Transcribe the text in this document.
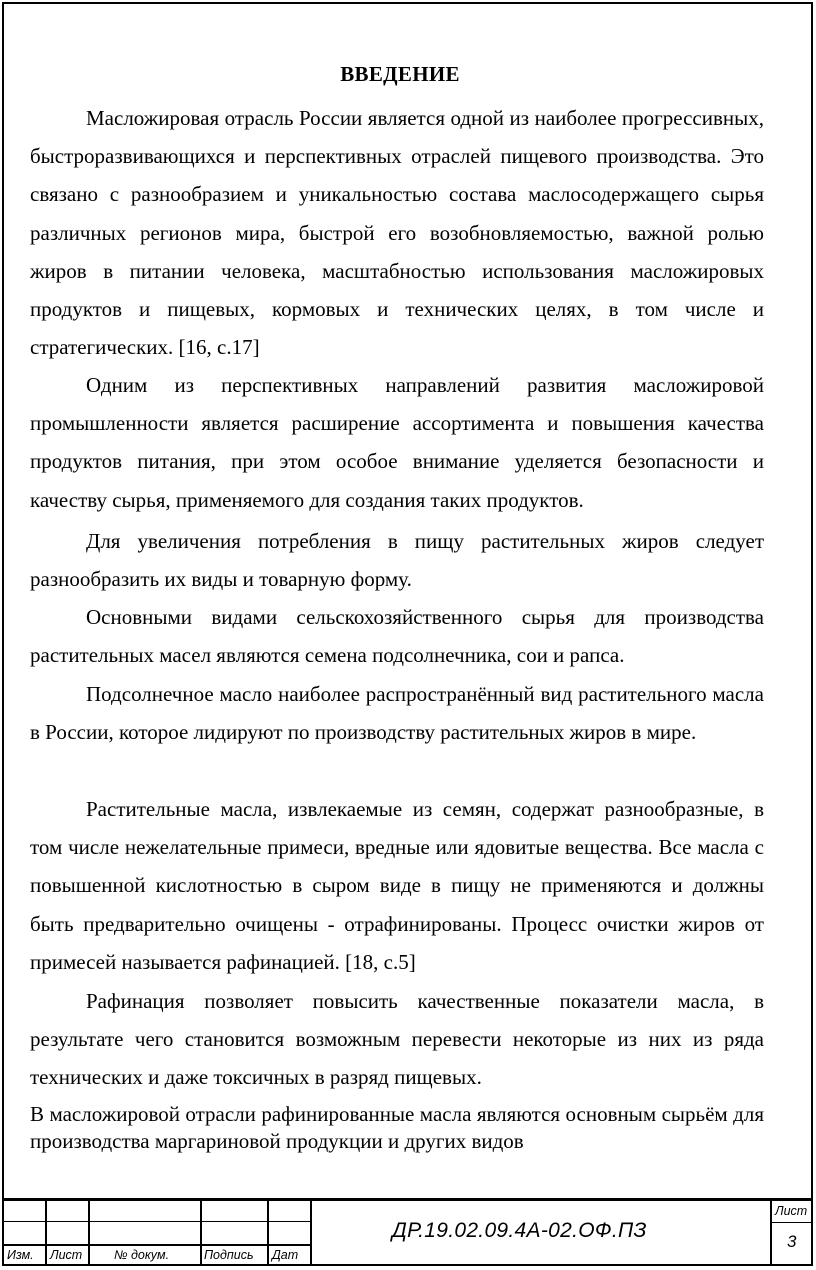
ВВЕДЕНИЕ

Масложировая отрасль России является одной из наиболее прогрессивных, быстроразвивающихся и перспективных отраслей пищевого производства. Это связано с разнообразием и уникальностью состава маслосодержащего сырья различных регионов мира, быстрой его возобновляемостью, важной ролью жиров в питании человека, масштабностью использования масложировых продуктов и пищевых, кормовых и технических целях, в том числе и стратегических. [16, с.17]

Одним из перспективных направлений развития масложировой промышленности является расширение ассортимента и повышения качества продуктов питания, при этом особое внимание уделяется безопасности и качеству сырья, применяемого для создания таких продуктов.

Для увеличения потребления в пищу растительных жиров следует разнообразить их виды и товарную форму.

Основными видами сельскохозяйственного сырья для производства растительных масел являются семена подсолнечника, сои и рапса.

Подсолнечное масло наиболее распространённый вид растительного масла в России, которое лидируют по производству растительных жиров в мире.

Растительные масла, извлекаемые из семян, содержат разнообразные, в том числе нежелательные примеси, вредные или ядовитые вещества. Все масла с повышенной кислотностью в сыром виде в пищу не применяются и должны быть предварительно очищены - отрафинированы. Процесс очистки жиров от примесей называется рафинацией. [18, с.5]

Рафинация позволяет повысить качественные показатели масла, в результате чего становится возможным перевести некоторые из них из ряда технических и даже токсичных в разряд пищевых.

В масложировой отрасли рафинированные масла являются основным сырьём для производства маргариновой продукции и других видов

Изм. Лист	№ докум.	Подпись Дат
ДР.19.02.09.4А-02.ОФ.ПЗ
Лист
3
